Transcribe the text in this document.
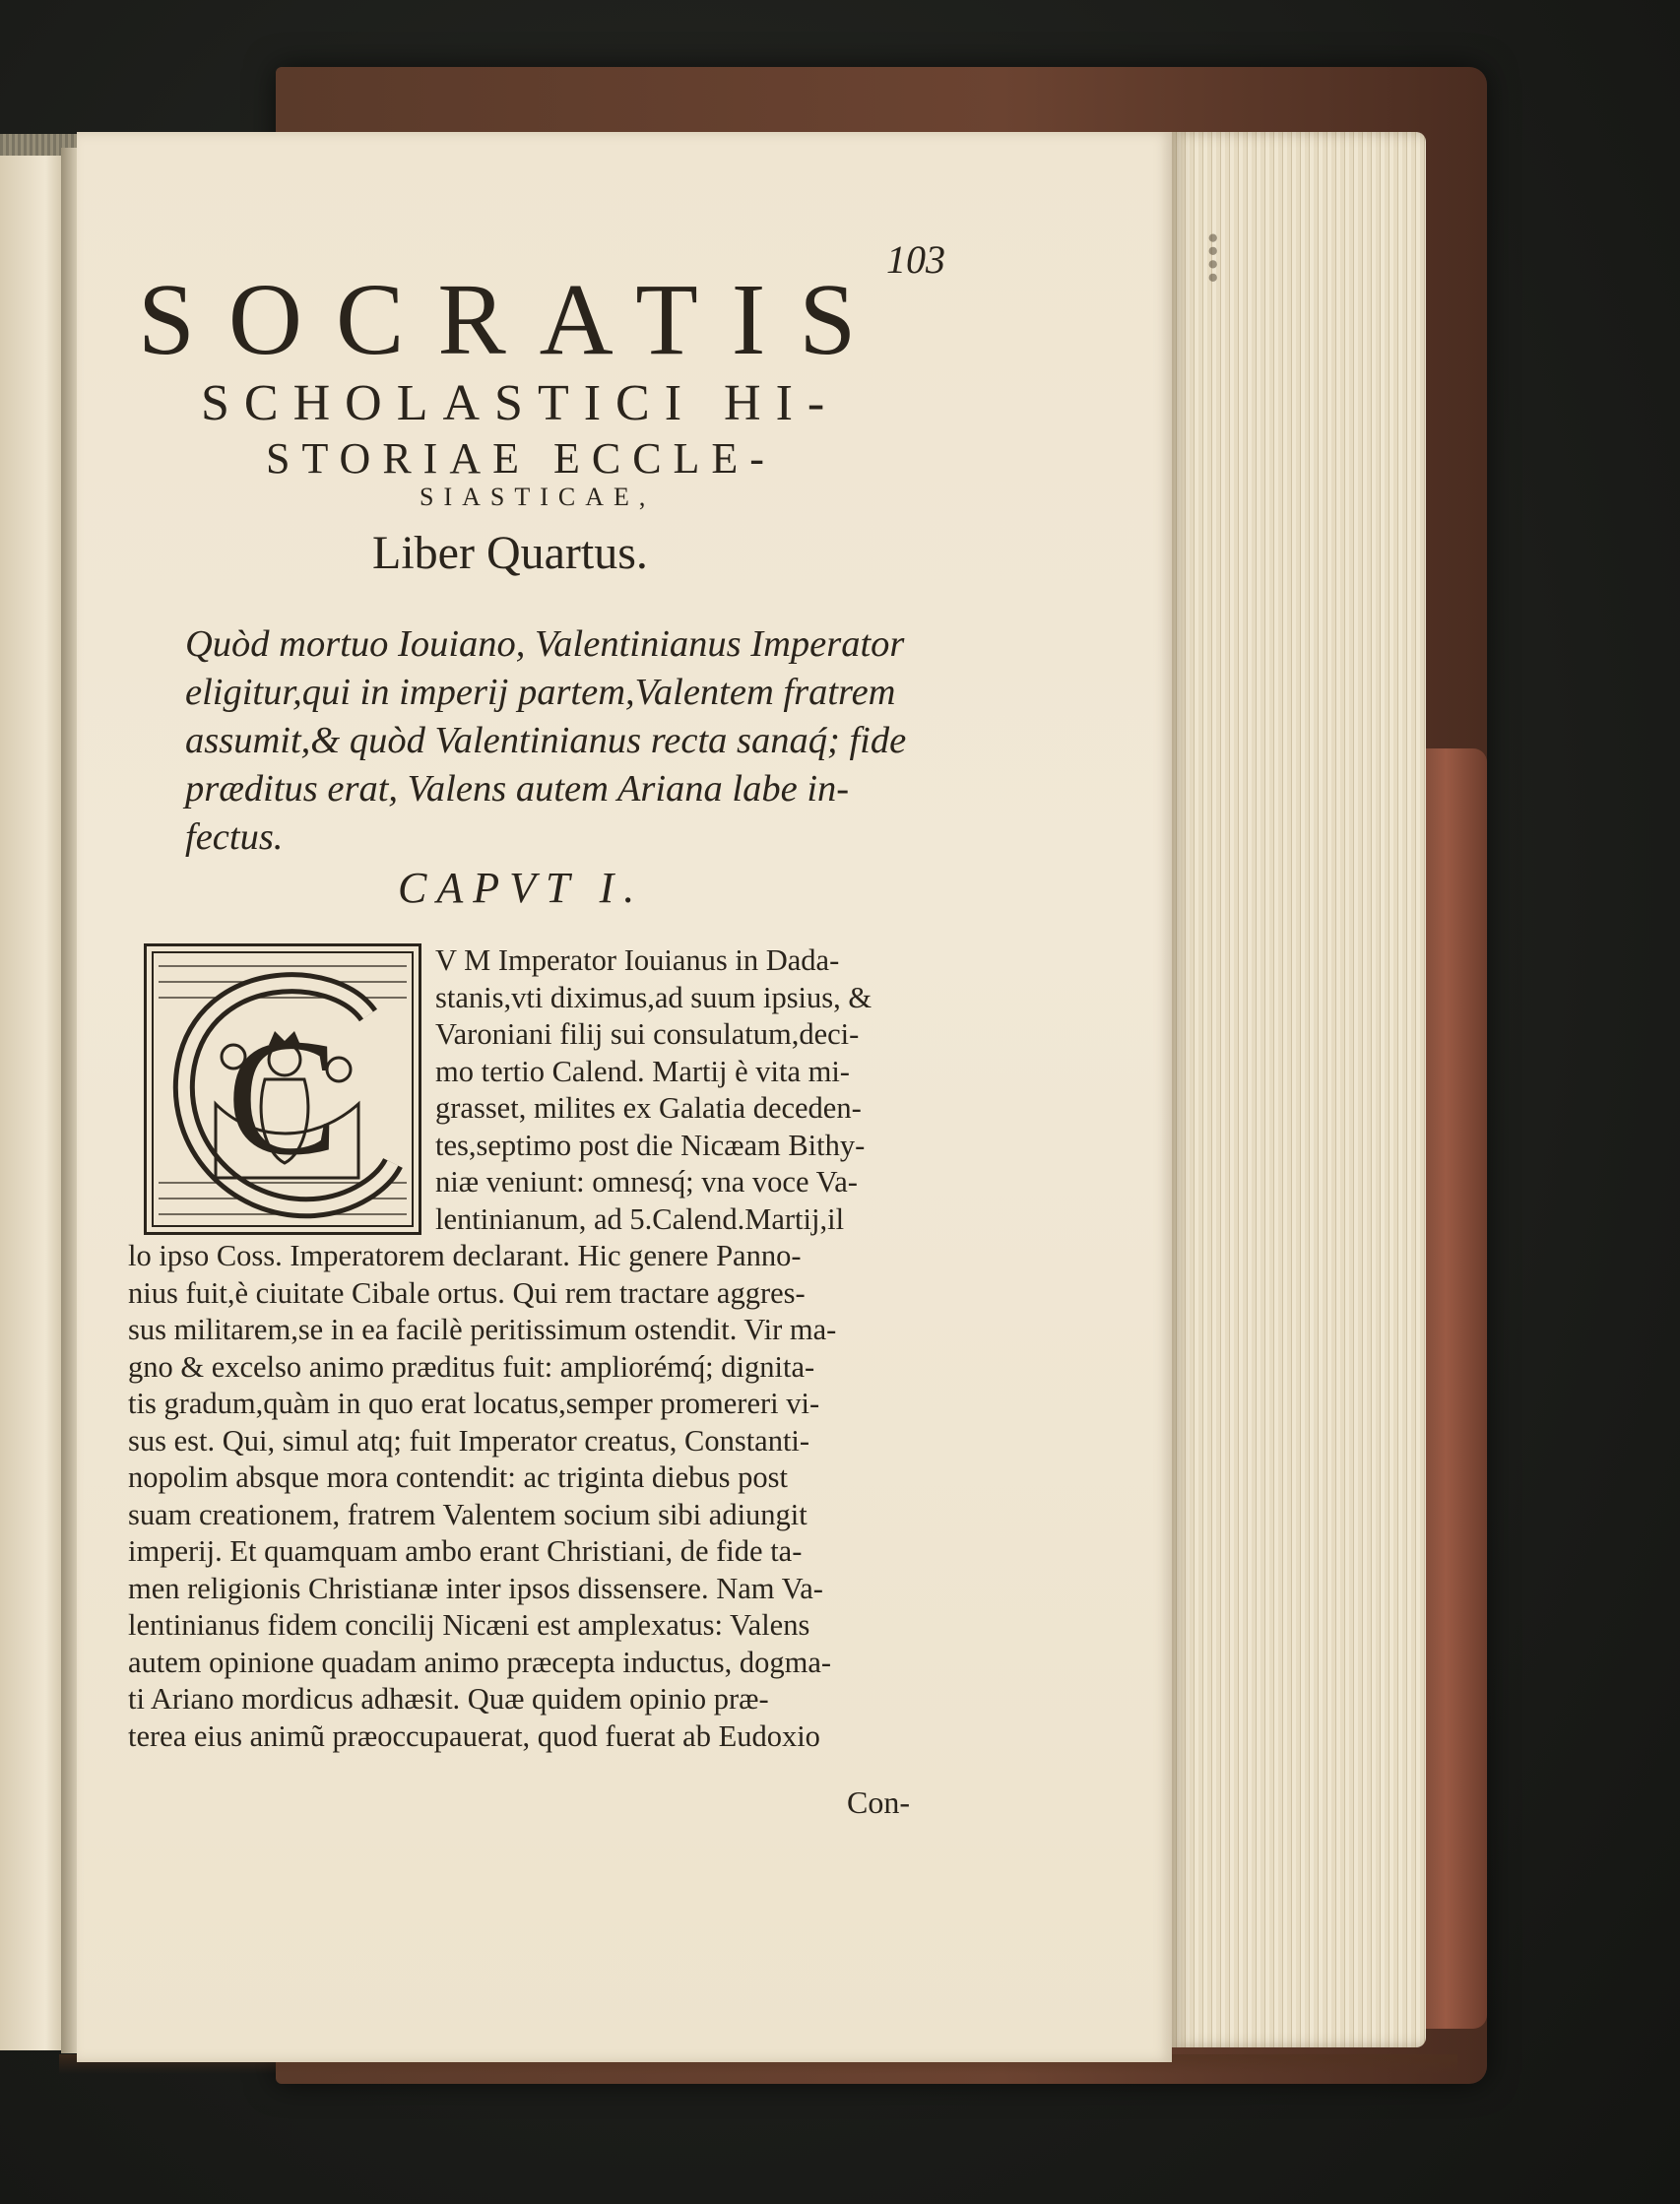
⁞
103
SOCRATIS
SCHOLASTICI HI-
STORIAE ECCLE-
SIASTICAE,
Liber Quartus.
Quòd mortuo Iouiano, Valentinianus Imperator
eligitur,qui in imperij partem,Valentem fratrem
assumit,& quòd Valentinianus recta sanaq́; fide
præditus erat, Valens autem Ariana labe in-
fectus.
CAPVT I.
C
V M Imperator Iouianus in Dada-
stanis,vti diximus,ad suum ipsius, &
Varoniani filij sui consulatum,deci-
mo tertio Calend. Martij è vita mi-
grasset, milites ex Galatia deceden-
tes,septimo post die Nicæam Bithy-
niæ veniunt: omnesq́; vna voce Va-
lentinianum, ad 5.Calend.Martij,il
lo ipso Coss. Imperatorem declarant. Hic genere Panno-
nius fuit,è ciuitate Cibale ortus. Qui rem tractare aggres-
sus militarem,se in ea facilè peritissimum ostendit. Vir ma-
gno & excelso animo præditus fuit: ampliorémq́; dignita-
tis gradum,quàm in quo erat locatus,semper promereri vi-
sus est. Qui, simul atq; fuit Imperator creatus, Constanti-
nopolim absque mora contendit: ac triginta diebus post
suam creationem, fratrem Valentem socium sibi adiungit
imperij. Et quamquam ambo erant Christiani, de fide ta-
men religionis Christianæ inter ipsos dissensere. Nam Va-
lentinianus fidem concilij Nicæni est amplexatus: Valens
autem opinione quadam animo præcepta inductus, dogma-
ti Ariano mordicus adhæsit. Quæ quidem opinio præ-
terea eius animũ præoccupauerat, quod fuerat ab Eudoxio
Con-
